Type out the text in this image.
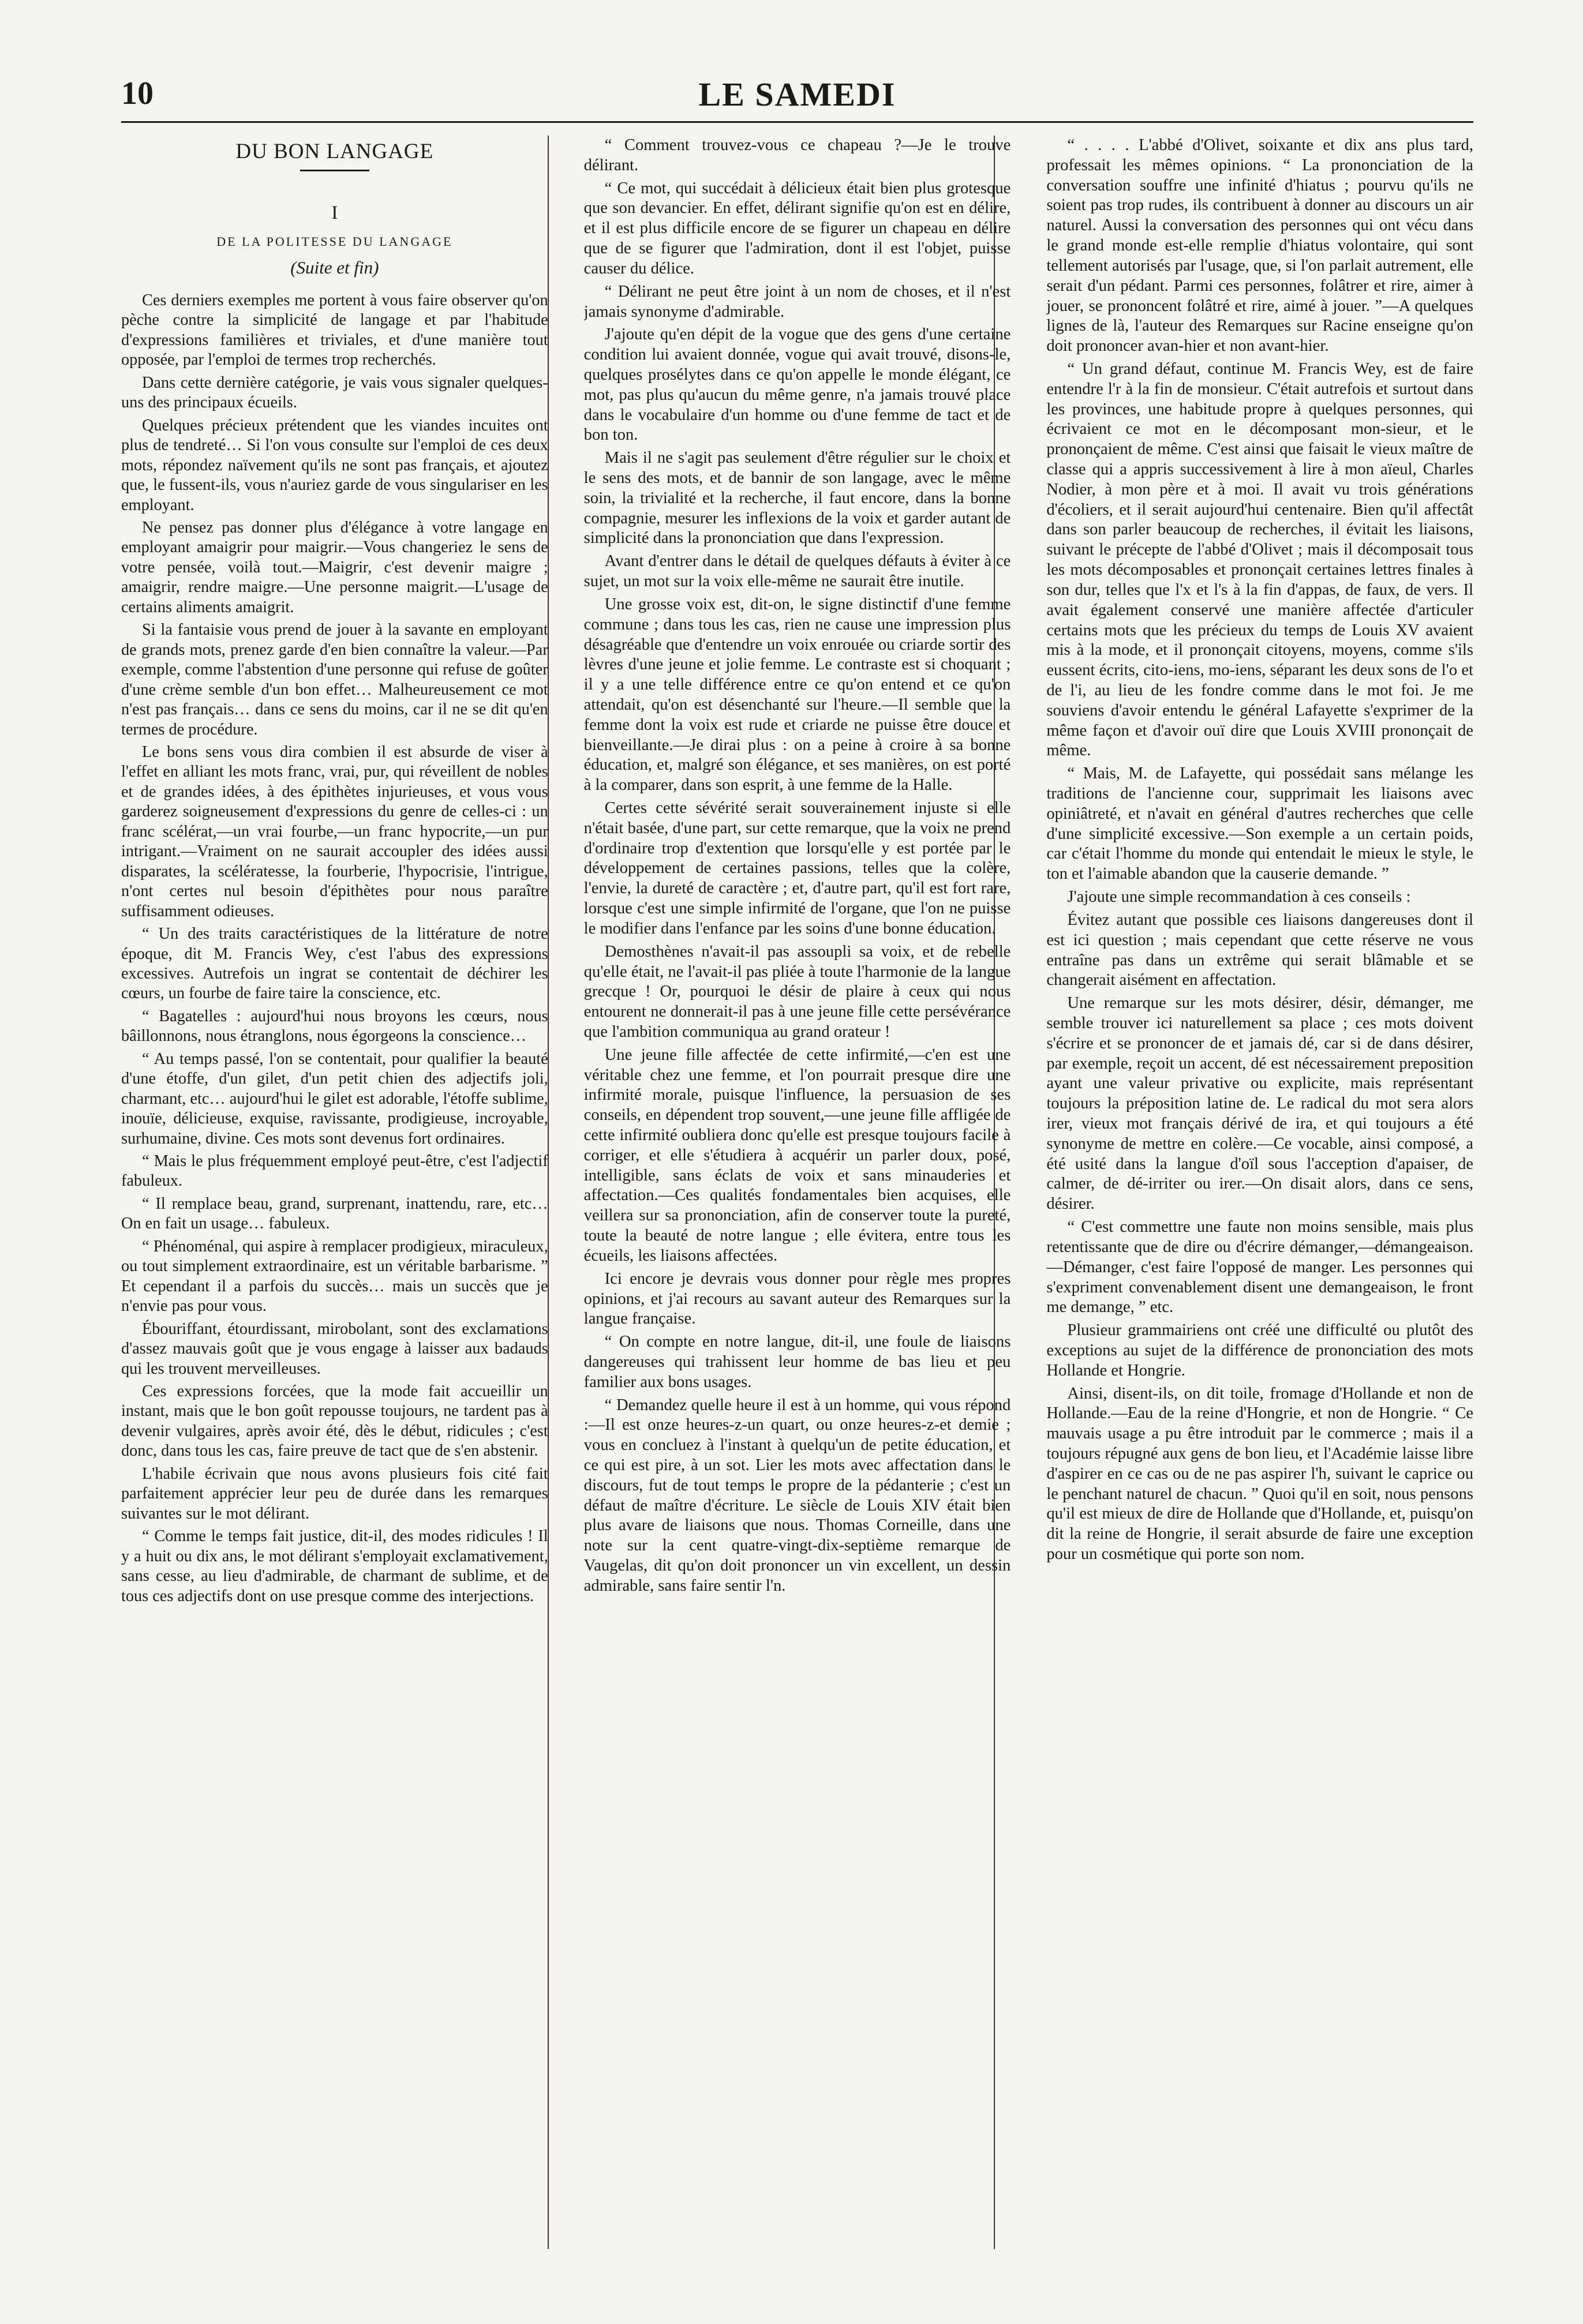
10	LE SAMEDI
DU BON LANGAGE
I
DE LA POLITESSE DU LANGAGE
(Suite et fin)

Ces derniers exemples me portent à vous faire observer qu'on pèche contre la simplicité de langage et par l'habitude d'expressions familières et triviales, et d'une manière tout opposée, par l'emploi de termes trop recherchés.

Dans cette dernière catégorie, je vais vous signaler quelques-uns des principaux écueils.

Quelques précieux prétendent que les viandes incuites ont plus de tendreté… Si l'on vous consulte sur l'emploi de ces deux mots, répondez naïvement qu'ils ne sont pas français, et ajoutez que, le fussent-ils, vous n'auriez garde de vous singulariser en les employant.

Ne pensez pas donner plus d'élégance à votre langage en employant amaigrir pour maigrir.—Vous changeriez le sens de votre pensée, voilà tout.—Maigrir, c'est devenir maigre ; amaigrir, rendre maigre.—Une personne maigrit.—L'usage de certains aliments amaigrit.

Si la fantaisie vous prend de jouer à la savante en employant de grands mots, prenez garde d'en bien connaître la valeur.—Par exemple, comme l'abstention d'une personne qui refuse de goûter d'une crème semble d'un bon effet… Malheureusement ce mot n'est pas français… dans ce sens du moins, car il ne se dit qu'en termes de procédure.

Le bons sens vous dira combien il est absurde de viser à l'effet en alliant les mots franc, vrai, pur, qui réveillent de nobles et de grandes idées, à des épithètes injurieuses, et vous vous garderez soigneusement d'expressions du genre de celles-ci : un franc scélérat,—un vrai fourbe,—un franc hypocrite,—un pur intrigant.—Vraiment on ne saurait accoupler des idées aussi disparates, la scélératesse, la fourberie, l'hypocrisie, l'intrigue, n'ont certes nul besoin d'épithètes pour nous paraître suffisamment odieuses.

“ Un des traits caractéristiques de la littérature de notre époque, dit M. Francis Wey, c'est l'abus des expressions excessives. Autrefois un ingrat se contentait de déchirer les cœurs, un fourbe de faire taire la conscience, etc.

“ Bagatelles : aujourd'hui nous broyons les cœurs, nous bâillonnons, nous étranglons, nous égorgeons la conscience…

“ Au temps passé, l'on se contentait, pour qualifier la beauté d'une étoffe, d'un gilet, d'un petit chien des adjectifs joli, charmant, etc… aujourd'hui le gilet est adorable, l'étoffe sublime, inouïe, délicieuse, exquise, ravissante, prodigieuse, incroyable, surhumaine, divine. Ces mots sont devenus fort ordinaires.

“ Mais le plus fréquemment employé peut-être, c'est l'adjectif fabuleux.

“ Il remplace beau, grand, surprenant, inattendu, rare, etc… On en fait un usage… fabuleux.

“ Phénoménal, qui aspire à remplacer prodigieux, miraculeux, ou tout simplement extraordinaire, est un véritable barbarisme. ” Et cependant il a parfois du succès… mais un succès que je n'envie pas pour vous.

Ébouriffant, étourdissant, mirobolant, sont des exclamations d'assez mauvais goût que je vous engage à laisser aux badauds qui les trouvent merveilleuses.

Ces expressions forcées, que la mode fait accueillir un instant, mais que le bon goût repousse toujours, ne tardent pas à devenir vulgaires, après avoir été, dès le début, ridicules ; c'est donc, dans tous les cas, faire preuve de tact que de s'en abstenir.

L'habile écrivain que nous avons plusieurs fois cité fait parfaitement apprécier leur peu de durée dans les remarques suivantes sur le mot délirant.

“ Comme le temps fait justice, dit-il, des modes ridicules ! Il y a huit ou dix ans, le mot délirant s'employait exclamativement, sans cesse, au lieu d'admirable, de charmant de sublime, et de tous ces adjectifs dont on use presque comme des interjections.

“ Comment trouvez-vous ce chapeau ?—Je le trouve délirant.

“ Ce mot, qui succédait à délicieux était bien plus grotesque que son devancier. En effet, délirant signifie qu'on est en délire, et il est plus difficile encore de se figurer un chapeau en délire que de se figurer que l'admiration, dont il est l'objet, puisse causer du délice.

“ Délirant ne peut être joint à un nom de choses, et il n'est jamais synonyme d'admirable.

J'ajoute qu'en dépit de la vogue que des gens d'une certaine condition lui avaient donnée, vogue qui avait trouvé, disons-le, quelques prosélytes dans ce qu'on appelle le monde élégant, ce mot, pas plus qu'aucun du même genre, n'a jamais trouvé place dans le vocabulaire d'un homme ou d'une femme de tact et de bon ton.

Mais il ne s'agit pas seulement d'être régulier sur le choix et le sens des mots, et de bannir de son langage, avec le même soin, la trivialité et la recherche, il faut encore, dans la bonne compagnie, mesurer les inflexions de la voix et garder autant de simplicité dans la prononciation que dans l'expression.

Avant d'entrer dans le détail de quelques défauts à éviter à ce sujet, un mot sur la voix elle-même ne saurait être inutile.

Une grosse voix est, dit-on, le signe distinctif d'une femme commune ; dans tous les cas, rien ne cause une impression plus désagréable que d'entendre un voix enrouée ou criarde sortir des lèvres d'une jeune et jolie femme. Le contraste est si choquant ; il y a une telle différence entre ce qu'on entend et ce qu'on attendait, qu'on est désenchanté sur l'heure.—Il semble que la femme dont la voix est rude et criarde ne puisse être douce et bienveillante.—Je dirai plus : on a peine à croire à sa bonne éducation, et, malgré son élégance, et ses manières, on est porté à la comparer, dans son esprit, à une femme de la Halle.

Certes cette sévérité serait souverainement injuste si elle n'était basée, d'une part, sur cette remarque, que la voix ne prend d'ordinaire trop d'extention que lorsqu'elle y est portée par le développement de certaines passions, telles que la colère, l'envie, la dureté de caractère ; et, d'autre part, qu'il est fort rare, lorsque c'est une simple infirmité de l'organe, que l'on ne puisse le modifier dans l'enfance par les soins d'une bonne éducation.

Demosthènes n'avait-il pas assoupli sa voix, et de rebelle qu'elle était, ne l'avait-il pas pliée à toute l'harmonie de la langue grecque ! Or, pourquoi le désir de plaire à ceux qui nous entourent ne donnerait-il pas à une jeune fille cette persévérance que l'ambition communiqua au grand orateur !

Une jeune fille affectée de cette infirmité,—c'en est une véritable chez une femme, et l'on pourrait presque dire une infirmité morale, puisque l'influence, la persuasion de ses conseils, en dépendent trop souvent,—une jeune fille affligée de cette infirmité oubliera donc qu'elle est presque toujours facile à corriger, et elle s'étudiera à acquérir un parler doux, posé, intelligible, sans éclats de voix et sans minauderies et affectation.—Ces qualités fondamentales bien acquises, elle veillera sur sa prononciation, afin de conserver toute la pureté, toute la beauté de notre langue ; elle évitera, entre tous les écueils, les liaisons affectées.

Ici encore je devrais vous donner pour règle mes propres opinions, et j'ai recours au savant auteur des Remarques sur la langue française.

“ On compte en notre langue, dit-il, une foule de liaisons dangereuses qui trahissent leur homme de bas lieu et peu familier aux bons usages.

“ Demandez quelle heure il est à un homme, qui vous répond :—Il est onze heures-z-un quart, ou onze heures-z-et demie ; vous en concluez à l'instant à quelqu'un de petite éducation, et ce qui est pire, à un sot. Lier les mots avec affectation dans le discours, fut de tout temps le propre de la pédanterie ; c'est un défaut de maître d'écriture. Le siècle de Louis XIV était bien plus avare de liaisons que nous. Thomas Corneille, dans une note sur la cent quatre-vingt-dix-septième remarque de Vaugelas, dit qu'on doit prononcer un vin excellent, un dessin admirable, sans faire sentir l'n.

“ . . . . L'abbé d'Olivet, soixante et dix ans plus tard, professait les mêmes opinions. “ La prononciation de la conversation souffre une infinité d'hiatus ; pourvu qu'ils ne soient pas trop rudes, ils contribuent à donner au discours un air naturel. Aussi la conversation des personnes qui ont vécu dans le grand monde est-elle remplie d'hiatus volontaire, qui sont tellement autorisés par l'usage, que, si l'on parlait autrement, elle serait d'un pédant. Parmi ces personnes, folâtrer et rire, aimer à jouer, se prononcent folâtré et rire, aimé à jouer. ”—A quelques lignes de là, l'auteur des Remarques sur Racine enseigne qu'on doit prononcer avan-hier et non avant-hier.

“ Un grand défaut, continue M. Francis Wey, est de faire entendre l'r à la fin de monsieur. C'était autrefois et surtout dans les provinces, une habitude propre à quelques personnes, qui écrivaient ce mot en le décomposant mon-sieur, et le prononçaient de même. C'est ainsi que faisait le vieux maître de classe qui a appris successivement à lire à mon aïeul, Charles Nodier, à mon père et à moi. Il avait vu trois générations d'écoliers, et il serait aujourd'hui centenaire. Bien qu'il affectât dans son parler beaucoup de recherches, il évitait les liaisons, suivant le précepte de l'abbé d'Olivet ; mais il décomposait tous les mots décomposables et prononçait certaines lettres finales à son dur, telles que l'x et l's à la fin d'appas, de faux, de vers. Il avait également conservé une manière affectée d'articuler certains mots que les précieux du temps de Louis XV avaient mis à la mode, et il prononçait citoyens, moyens, comme s'ils eussent écrits, cito-iens, mo-iens, séparant les deux sons de l'o et de l'i, au lieu de les fondre comme dans le mot foi. Je me souviens d'avoir entendu le général Lafayette s'exprimer de la même façon et d'avoir ouï dire que Louis XVIII prononçait de même.

“ Mais, M. de Lafayette, qui possédait sans mélange les traditions de l'ancienne cour, supprimait les liaisons avec opiniâtreté, et n'avait en général d'autres recherches que celle d'une simplicité excessive.—Son exemple a un certain poids, car c'était l'homme du monde qui entendait le mieux le style, le ton et l'aimable abandon que la causerie demande. ”

J'ajoute une simple recommandation à ces conseils :

Évitez autant que possible ces liaisons dangereuses dont il est ici question ; mais cependant que cette réserve ne vous entraîne pas dans un extrême qui serait blâmable et se changerait aisément en affectation.

Une remarque sur les mots désirer, désir, démanger, me semble trouver ici naturellement sa place ; ces mots doivent s'écrire et se prononcer de et jamais dé, car si de dans désirer, par exemple, reçoit un accent, dé est nécessairement preposition ayant une valeur privative ou explicite, mais représentant toujours la préposition latine de. Le radical du mot sera alors irer, vieux mot français dérivé de ira, et qui toujours a été synonyme de mettre en colère.—Ce vocable, ainsi composé, a été usité dans la langue d'oïl sous l'acception d'apaiser, de calmer, de dé-irriter ou irer.—On disait alors, dans ce sens, désirer.

“ C'est commettre une faute non moins sensible, mais plus retentissante que de dire ou d'écrire démanger,—démangeaison.—Démanger, c'est faire l'opposé de manger. Les personnes qui s'expriment convenablement disent une demangeaison, le front me demange, ” etc.

Plusieur grammairiens ont créé une difficulté ou plutôt des exceptions au sujet de la différence de prononciation des mots Hollande et Hongrie.

Ainsi, disent-ils, on dit toile, fromage d'Hollande et non de Hollande.—Eau de la reine d'Hongrie, et non de Hongrie. “ Ce mauvais usage a pu être introduit par le commerce ; mais il a toujours répugné aux gens de bon lieu, et l'Académie laisse libre d'aspirer en ce cas ou de ne pas aspirer l'h, suivant le caprice ou le penchant naturel de chacun. ” Quoi qu'il en soit, nous pensons qu'il est mieux de dire de Hollande que d'Hollande, et, puisqu'on dit la reine de Hongrie, il serait absurde de faire une exception pour un cosmétique qui porte son nom.
